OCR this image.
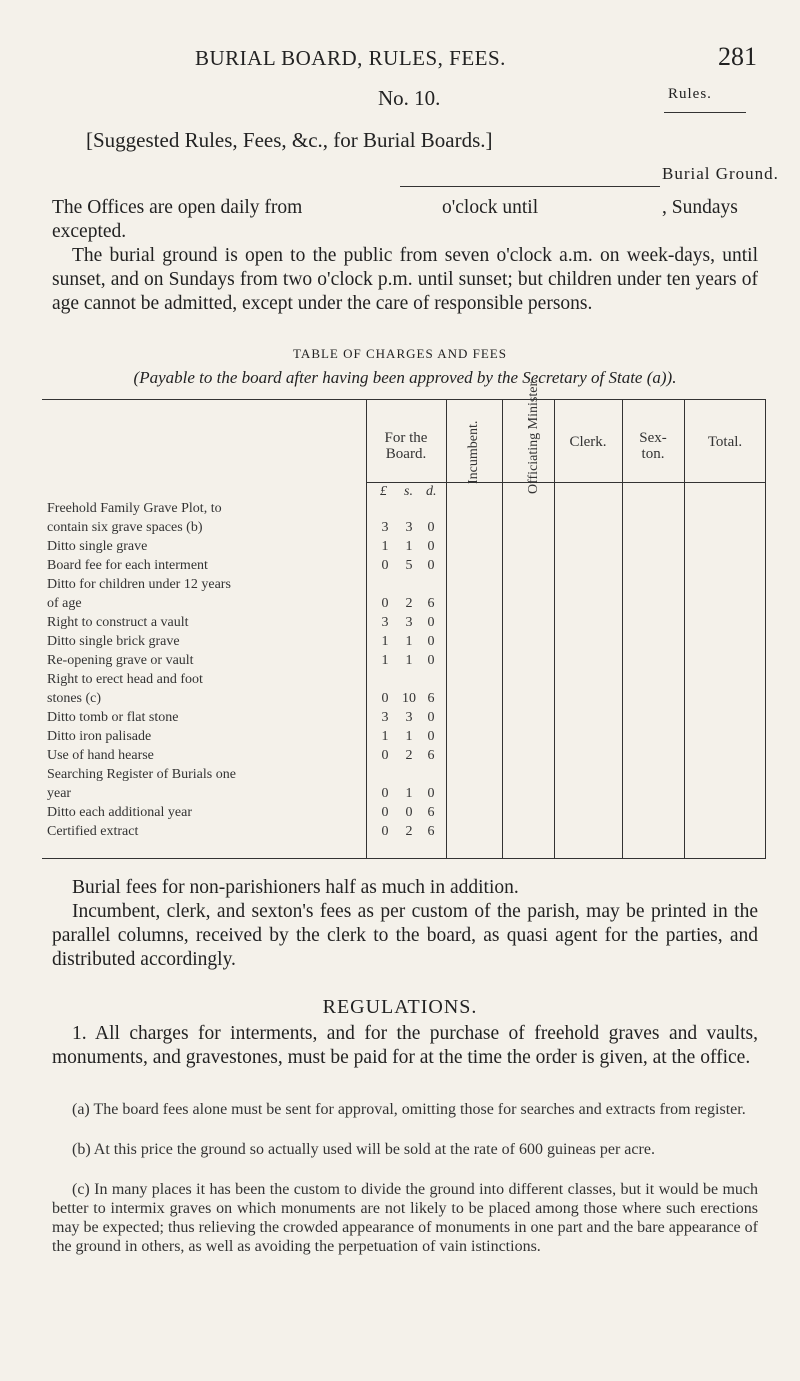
BURIAL BOARD, RULES, FEES.	281
No. 10.	Rules.
[Suggested Rules, Fees, &c., for Burial Boards.]
Burial Ground.
The Offices are open daily from	o'clock until	, Sundays
excepted.
The burial ground is open to the public from seven o'clock a.m. on week-days, until sunset, and on Sundays from two o'clock p.m. until sunset; but children under ten years of age cannot be admitted, except under the care of responsible persons.
TABLE OF CHARGES AND FEES
(Payable to the board after having been approved by the Secretary of State (a)).
For the Board.	Incumbent.	Officiating Minister.	Clerk.	Sex- ton.
Total.
£ s. d.
Freehold Family Grave Plot, to
contain six grave spaces (b)	3	3	0
Ditto single grave	1	1	0
Board fee for each interment	0	5	0
Ditto for children under 12 years
of age	0	2	6
Right to construct a vault	3	3	0
Ditto single brick grave	1	1	0
Re-opening grave or vault	1	1	0
Right to erect head and foot
stones (c)	0 10 6
Ditto tomb or flat stone	3	3	0
Ditto iron palisade	1	1	0
Use of hand hearse	0	2	6
Searching Register of Burials one
year	0	1	0
Ditto each additional year	0	0	6
Certified extract	0	2	6
Burial fees for non-parishioners half as much in addition.
Incumbent, clerk, and sexton's fees as per custom of the parish, may be printed in the parallel columns, received by the clerk to the board, as quasi agent for the parties, and distributed accordingly.
REGULATIONS.
1. All charges for interments, and for the purchase of freehold graves and vaults, monuments, and gravestones, must be paid for at the time the order is given, at the office.
(a) The board fees alone must be sent for approval, omitting those for searches and extracts from register.
(b) At this price the ground so actually used will be sold at the rate of 600 guineas per acre.
(c) In many places it has been the custom to divide the ground into different classes, but it would be much better to intermix graves on which monuments are not likely to be placed among those where such erections may be expected; thus relieving the crowded appearance of monuments in one part and the bare appearance of the ground in others, as well as avoiding the perpetuation of vain istinctions.
